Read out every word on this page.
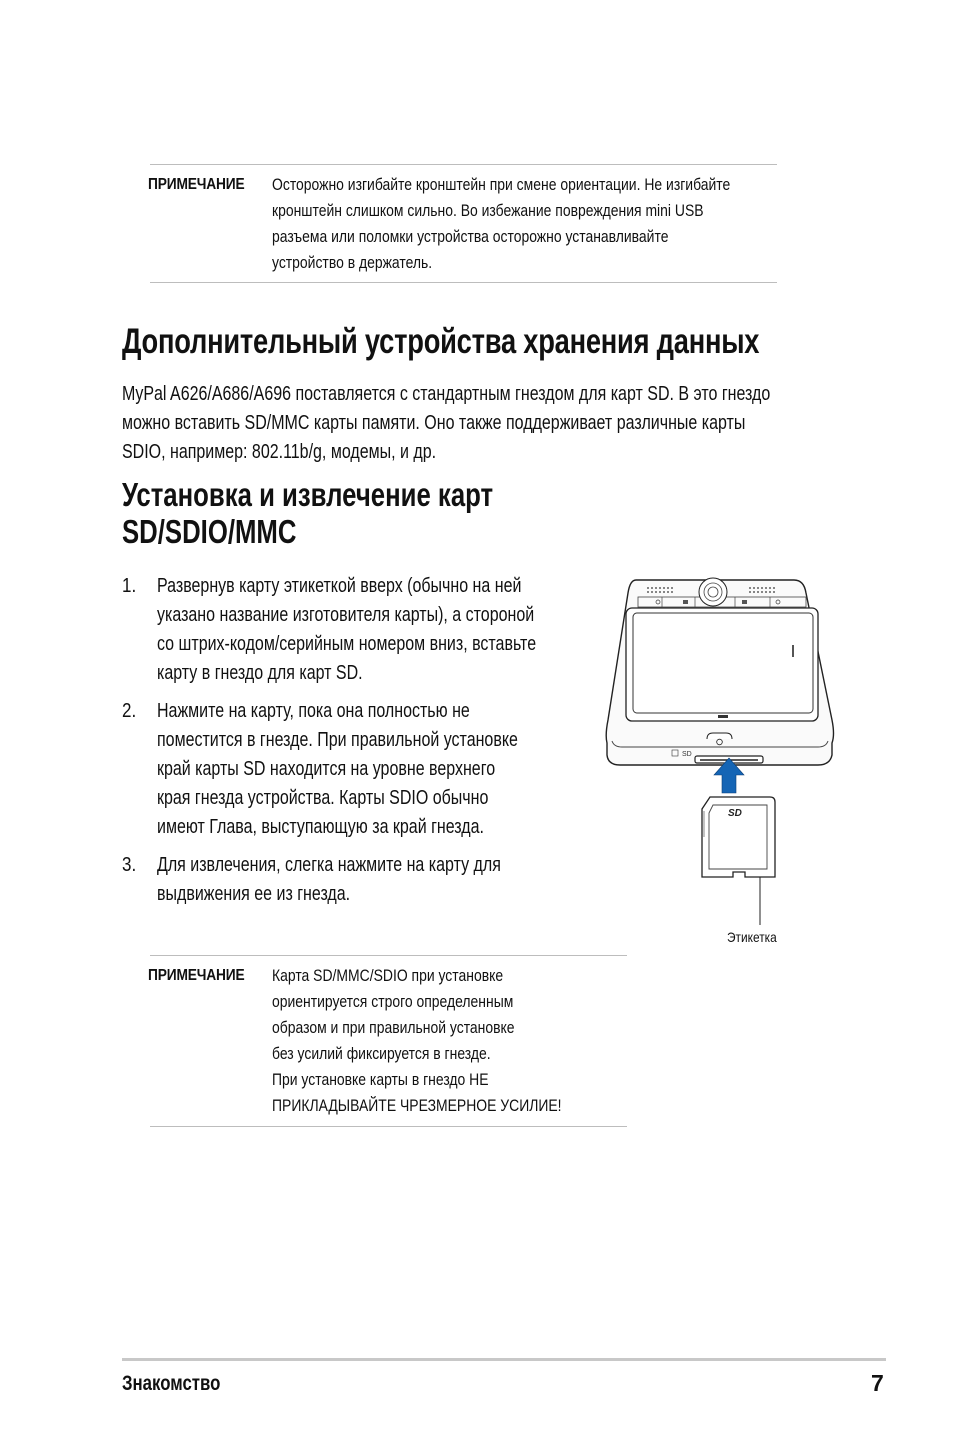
ПРИМЕЧАНИЕ Осторожно изгибайте кронштейн при смене ориентации. Не изгибайте
кронштейн слишком сильно. Во избежание повреждения mini USB
разъема или поломки устройства осторожно устанавливайте
устройство в держатель.
Дополнительный устройства хранения данных
MyPal A626/A686/A696 поставляется с стандартным гнездом для карт SD. В это гнездо
можно вставить SD/MMC карты памяти. Оно также поддерживает различные карты
SDIO, например: 802.11b/g, модемы, и др.
Установка и извлечение карт
SD/SDIO/MMC
1. Развернув карту этикеткой вверх (обычно на ней
указано название изготовителя карты), а стороной
со штрих-кодом/серийным номером вниз, вставьте
карту в гнездо для карт SD.
2. Нажмите на карту, пока она полностью не
поместится в гнезде. При правильной установке
край карты SD находится на уровне верхнего
края гнезда устройства. Карты SDIO обычно
имеют Глава, выступающую за край гнезда.
3. Для извлечения, слегка нажмите на карту для
выдвижения ее из гнезда.
SD
SD
Этикетка
ПРИМЕЧАНИЕ Карта SD/MMC/SDIO при установке
ориентируется строго определенным
образом и при правильной установке
без усилий фиксируется в гнезде.
При установке карты в гнездо НЕ
ПРИКЛАДЫВАЙТЕ ЧРЕЗМЕРНОЕ УСИЛИЕ!
Знакомство	7
